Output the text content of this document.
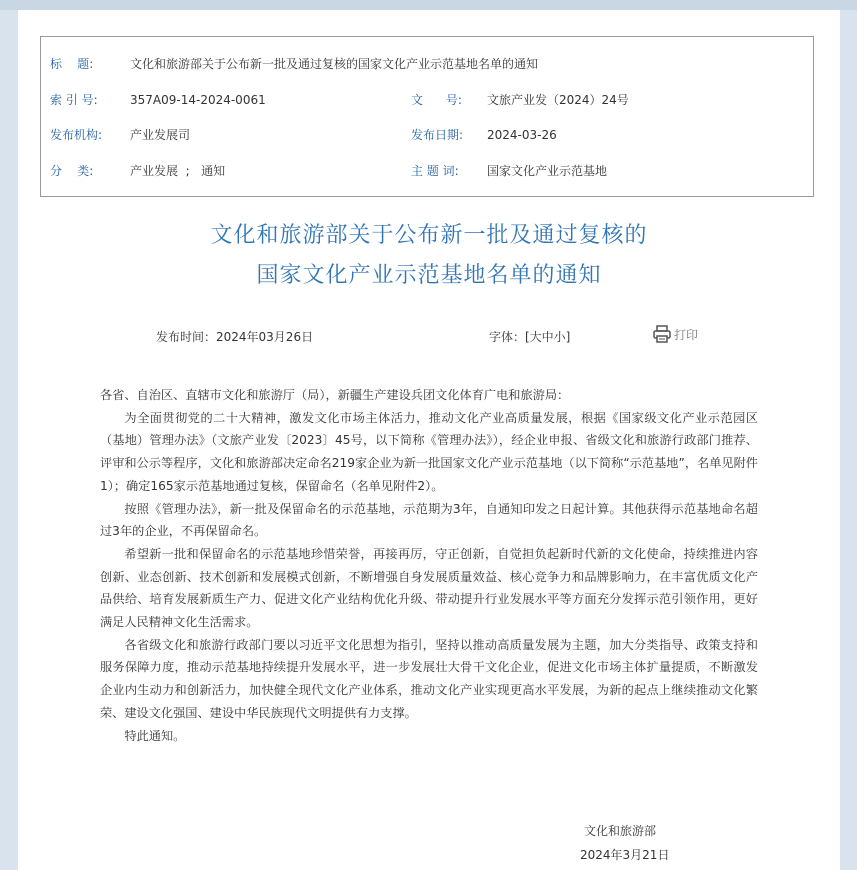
标    题:	文化和旅游部关于公布新一批及通过复核的国家文化产业示范基地名单的通知
索 引 号:	357A09-14-2024-0061	文      号: 文旅产业发（2024）24号
发布机构: 产业发展司	发布日期: 2024-03-26
分    类:	产业发展  ;   通知	主 题 词: 国家文化产业示范基地
文化和旅游部关于公布新一批及通过复核的
国家文化产业示范基地名单的通知
发布时间：2024年03月26日	字体：[大中小]	打印

各省、自治区、直辖市文化和旅游厅（局），新疆生产建设兵团文化体育广电和旅游局：

为全面贯彻党的二十大精神，激发文化市场主体活力，推动文化产业高质量发展，根据《国家级文化产业示范园区（基地）管理办法》（文旅产业发〔2023〕45号，以下简称《管理办法》），经企业申报、省级文化和旅游行政部门推荐、评审和公示等程序，文化和旅游部决定命名219家企业为新一批国家文化产业示范基地（以下简称“示范基地”，名单见附件1）；确定165家示范基地通过复核，保留命名（名单见附件2）。

按照《管理办法》，新一批及保留命名的示范基地，示范期为3年，自通知印发之日起计算。其他获得示范基地命名超过3年的企业，不再保留命名。

希望新一批和保留命名的示范基地珍惜荣誉，再接再厉，守正创新，自觉担负起新时代新的文化使命，持续推进内容创新、业态创新、技术创新和发展模式创新，不断增强自身发展质量效益、核心竞争力和品牌影响力，在丰富优质文化产品供给、培育发展新质生产力、促进文化产业结构优化升级、带动提升行业发展水平等方面充分发挥示范引领作用，更好满足人民精神文化生活需求。

各省级文化和旅游行政部门要以习近平文化思想为指引，坚持以推动高质量发展为主题，加大分类指导、政策支持和服务保障力度，推动示范基地持续提升发展水平，进一步发展壮大骨干文化企业，促进文化市场主体扩量提质，不断激发企业内生动力和创新活力，加快健全现代文化产业体系，推动文化产业实现更高水平发展，为新的起点上继续推动文化繁荣、建设文化强国、建设中华民族现代文明提供有力支撑。

特此通知。

文化和旅游部
2024年3月21日
